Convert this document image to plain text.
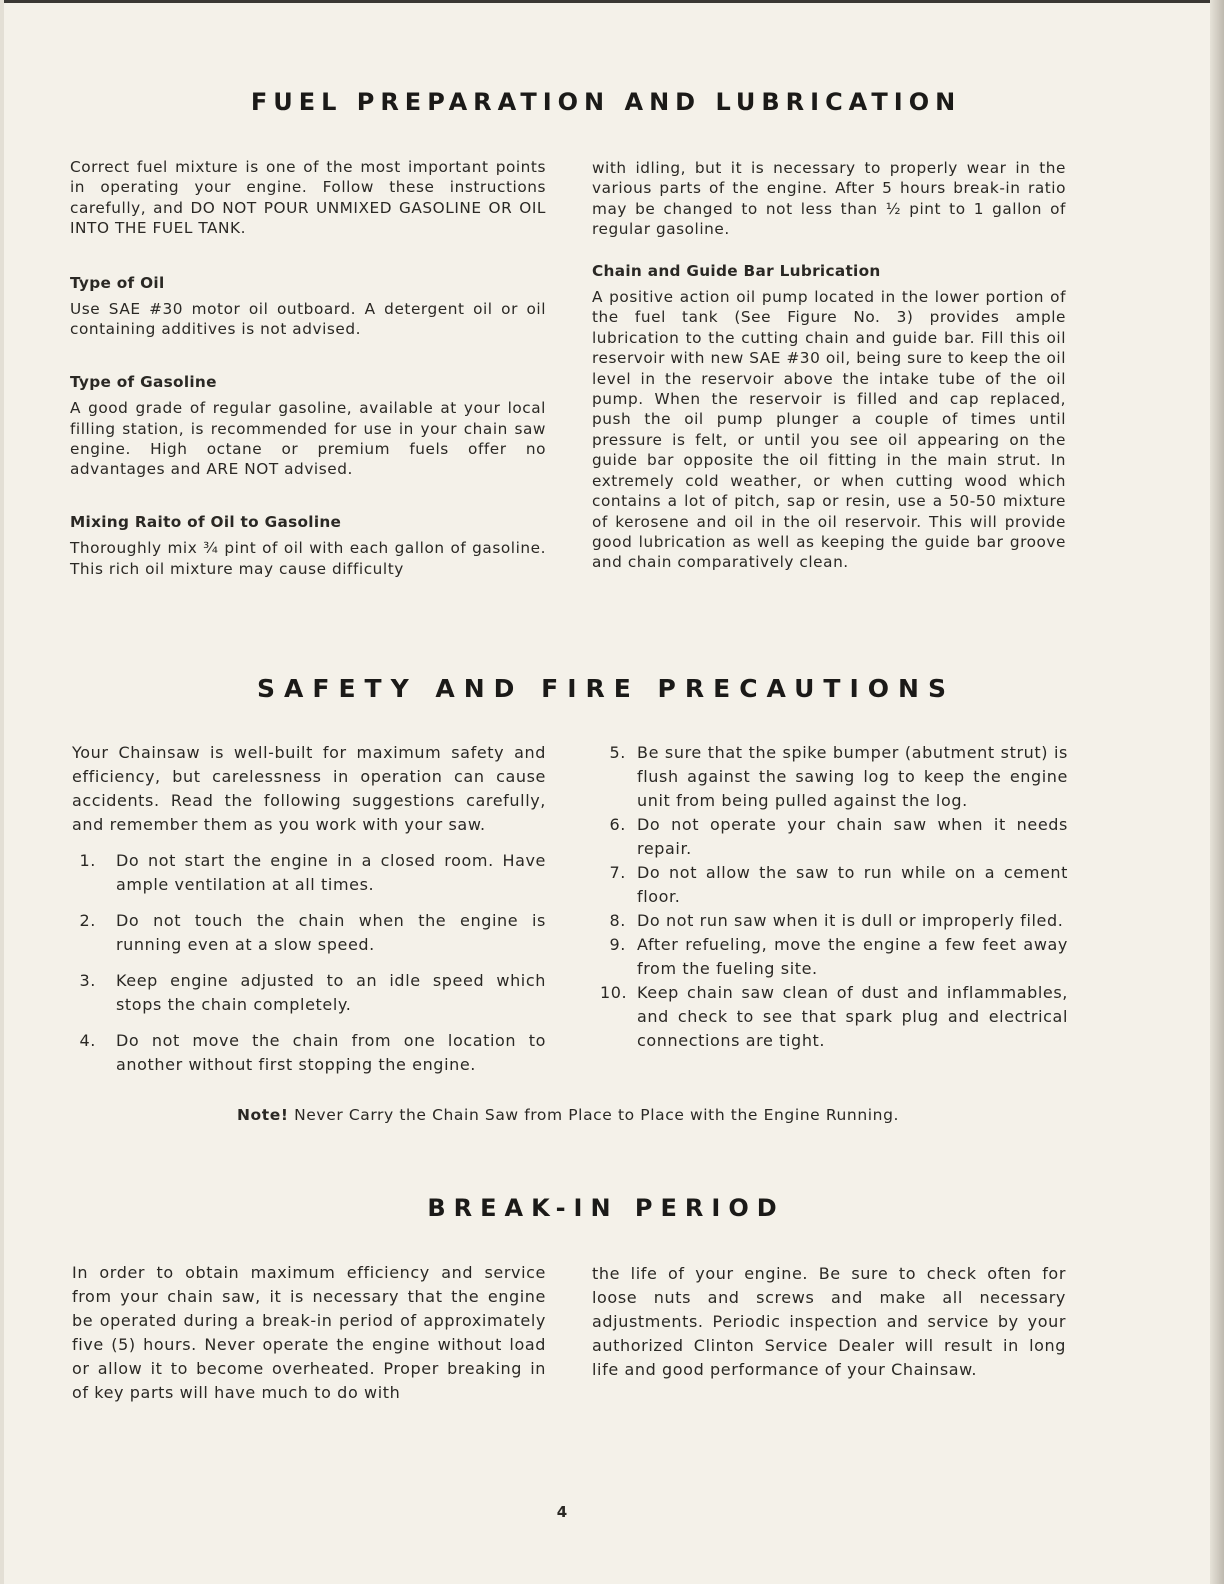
FUEL PREPARATION AND LUBRICATION

Correct fuel mixture is one of the most important points in operating your engine. Follow these instructions carefully, and DO NOT POUR UNMIXED GASOLINE OR OIL INTO THE FUEL TANK.

Type of Oil

Use SAE #30 motor oil outboard. A detergent oil or oil containing additives is not advised.

Type of Gasoline

A good grade of regular gasoline, available at your local filling station, is recommended for use in your chain saw engine. High octane or premium fuels offer no advantages and ARE NOT advised.

Mixing Raito of Oil to Gasoline

Thoroughly mix ¾ pint of oil with each gallon of gasoline. This rich oil mixture may cause difficulty

with idling, but it is necessary to properly wear in the various parts of the engine. After 5 hours break-in ratio may be changed to not less than ½ pint to 1 gallon of regular gasoline.

Chain and Guide Bar Lubrication

A positive action oil pump located in the lower portion of the fuel tank (See Figure No. 3) provides ample lubrication to the cutting chain and guide bar. Fill this oil reservoir with new SAE #30 oil, being sure to keep the oil level in the reservoir above the intake tube of the oil pump. When the reservoir is filled and cap replaced, push the oil pump plunger a couple of times until pressure is felt, or until you see oil appearing on the guide bar opposite the oil fitting in the main strut. In extremely cold weather, or when cutting wood which contains a lot of pitch, sap or resin, use a 50-50 mixture of kerosene and oil in the oil reservoir. This will provide good lubrication as well as keeping the guide bar groove and chain comparatively clean.

SAFETY AND FIRE PRECAUTIONS

Your Chainsaw is well-built for maximum safety and efficiency, but carelessness in operation can cause accidents. Read the following suggestions carefully, and remember them as you work with your saw.

1. Do not start the engine in a closed room. Have ample ventilation at all times.
2. Do not touch the chain when the engine is running even at a slow speed.
3. Keep engine adjusted to an idle speed which stops the chain completely.
4. Do not move the chain from one location to another without first stopping the engine.
5. Be sure that the spike bumper (abutment strut) is flush against the sawing log to keep the engine unit from being pulled against the log.
6. Do not operate your chain saw when it needs repair.
7. Do not allow the saw to run while on a cement floor.
8. Do not run saw when it is dull or improperly filed.
9. After refueling, move the engine a few feet away from the fueling site.
10. Keep chain saw clean of dust and inflammables, and check to see that spark plug and electrical connections are tight.
Note! Never Carry the Chain Saw from Place to Place with the Engine Running.
BREAK-IN PERIOD

In order to obtain maximum efficiency and service from your chain saw, it is necessary that the engine be operated during a break-in period of approximately five (5) hours. Never operate the engine without load or allow it to become overheated. Proper breaking in of key parts will have much to do with

the life of your engine. Be sure to check often for loose nuts and screws and make all necessary adjustments. Periodic inspection and service by your authorized Clinton Service Dealer will result in long life and good performance of your Chainsaw.

4
